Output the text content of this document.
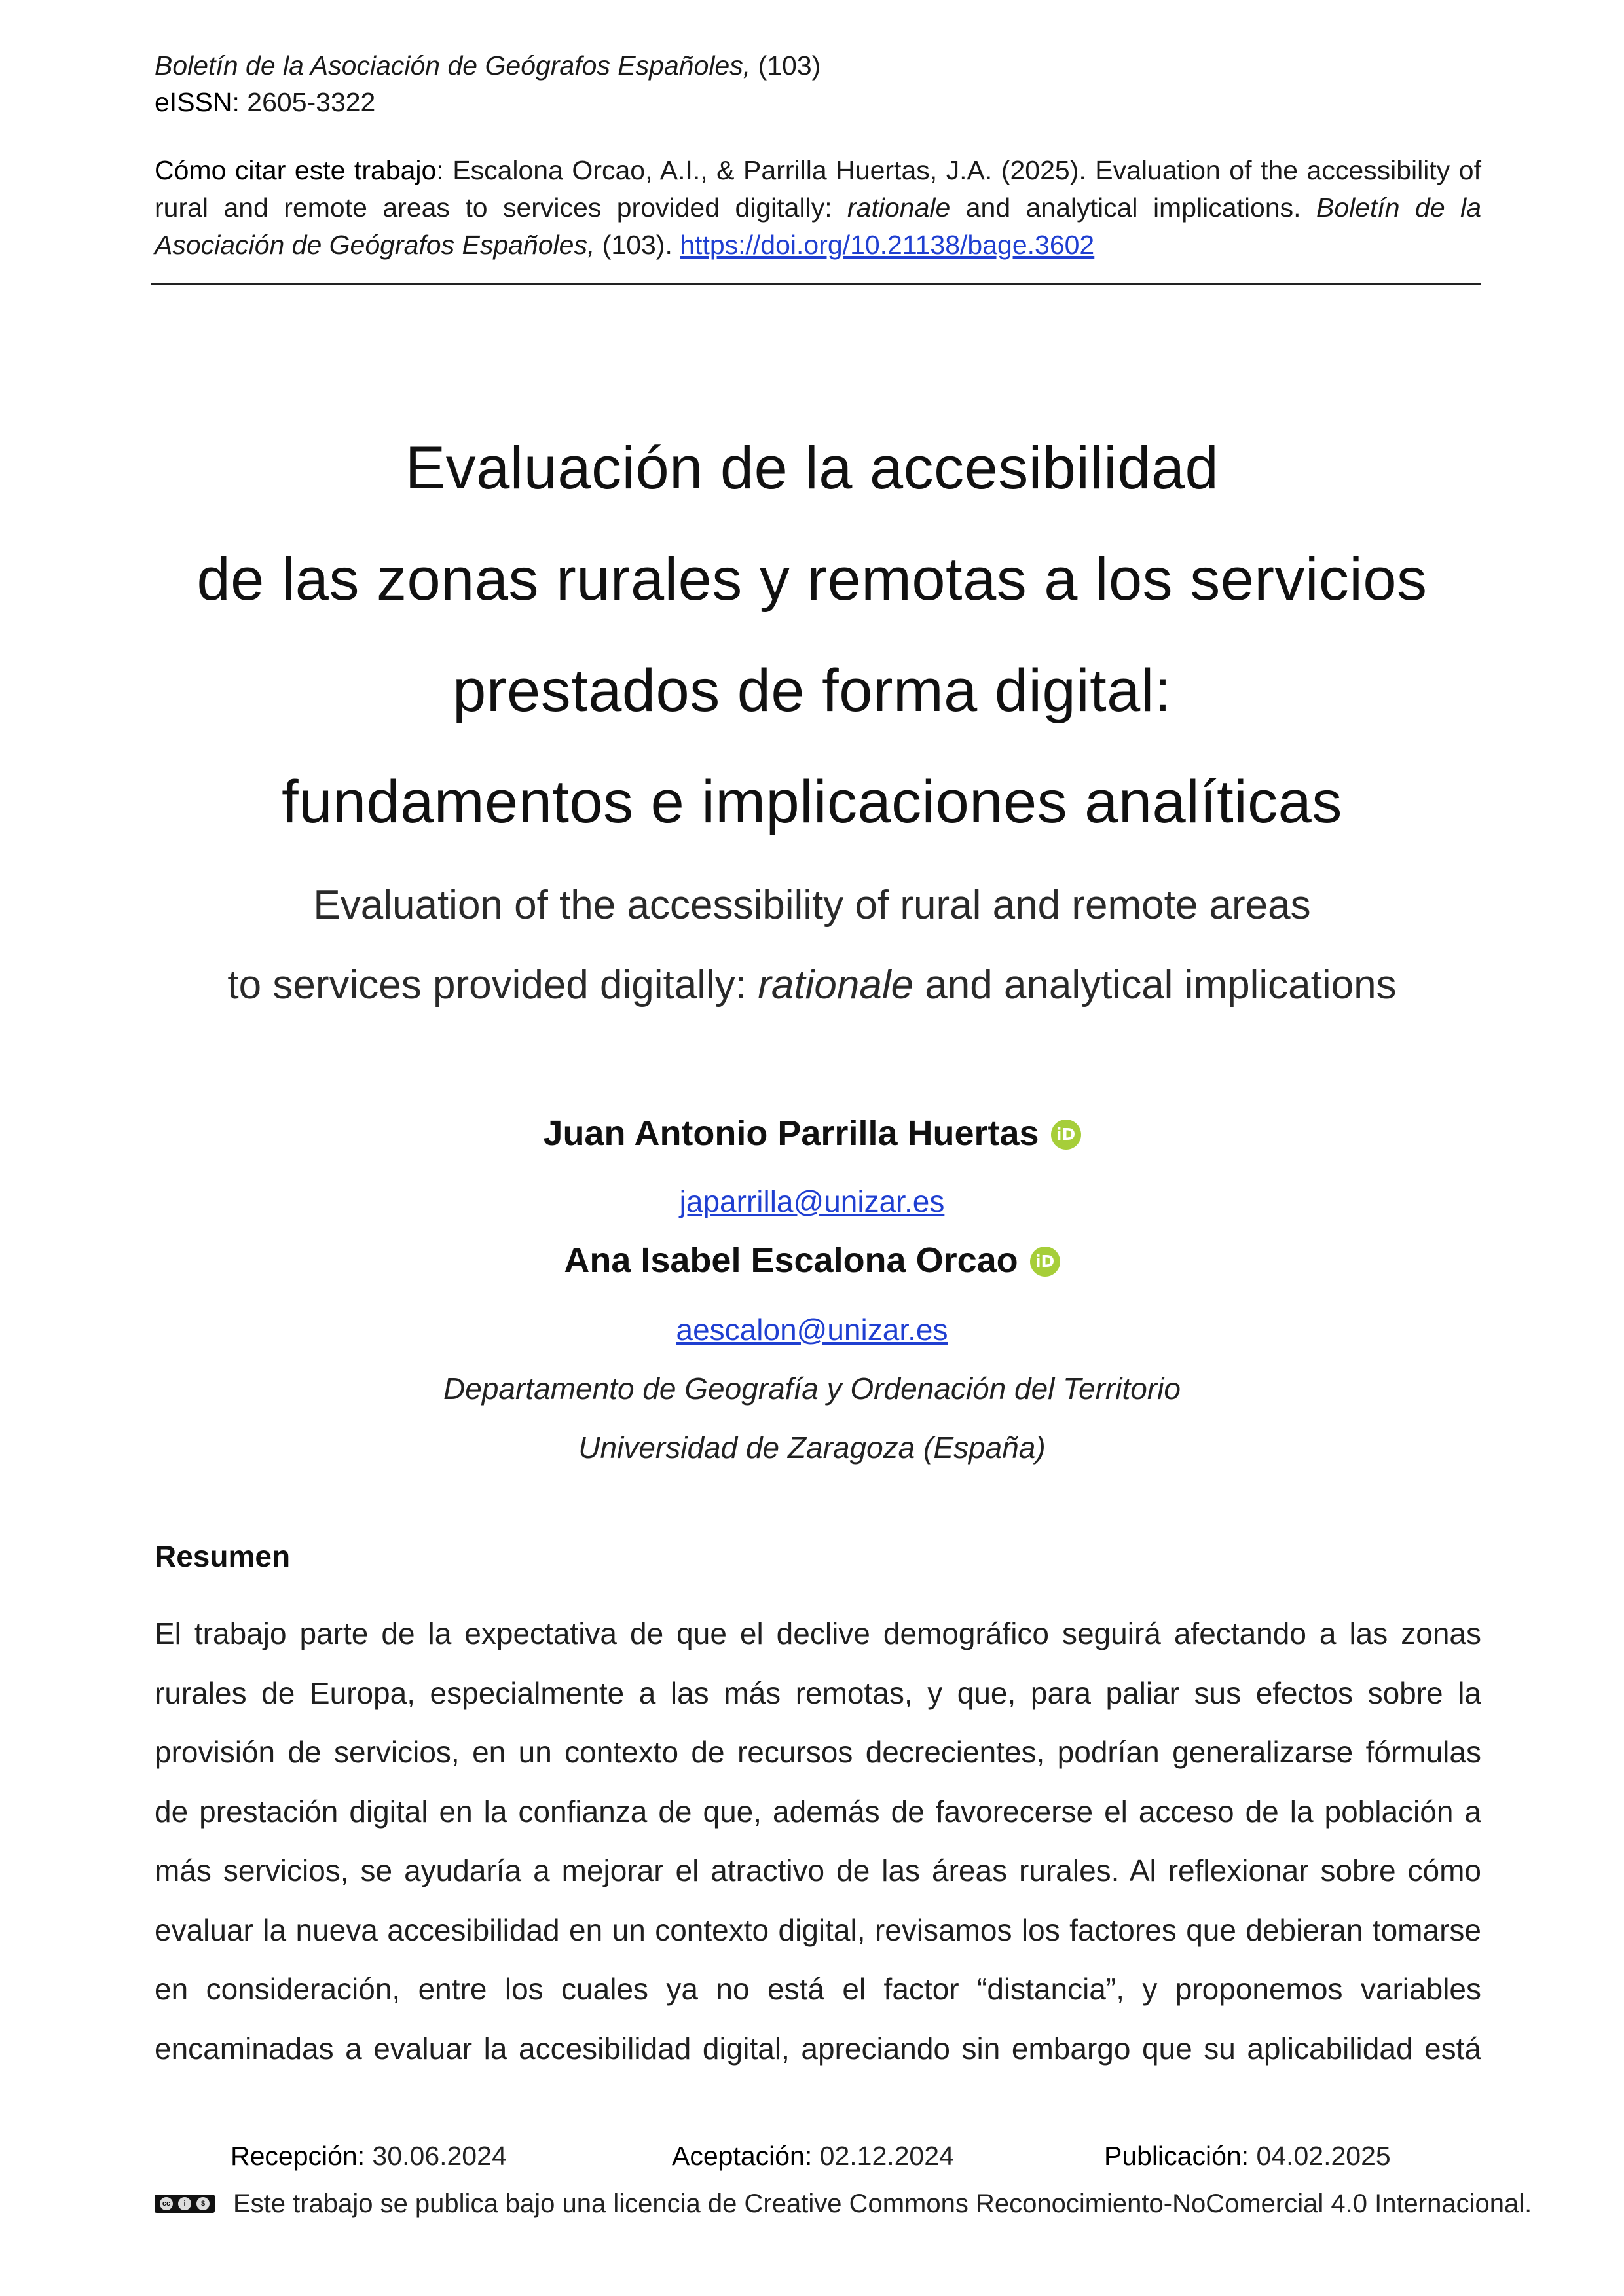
Boletín de la Asociación de Geógrafos Españoles, (103)
eISSN: 2605-3322
Cómo citar este trabajo: Escalona Orcao, A.I., & Parrilla Huertas, J.A. (2025). Evaluation of the accessibility of rural and remote areas to services provided digitally: rationale and analytical implications. Boletín de la Asociación de Geógrafos Españoles, (103). https://doi.org/10.21138/bage.3602
Evaluación de la accesibilidad
de las zonas rurales y remotas a los servicios
prestados de forma digital:
fundamentos e implicaciones analíticas
Evaluation of the accessibility of rural and remote areas
to services provided digitally: rationale and analytical implications
Juan Antonio Parrilla Huertas iD
japarrilla@unizar.es
Ana Isabel Escalona Orcao iD
aescalon@unizar.es
Departamento de Geografía y Ordenación del Territorio
Universidad de Zaragoza (España)
Resumen
El trabajo parte de la expectativa de que el declive demográfico seguirá afectando a las zonas
rurales de Europa, especialmente a las más remotas, y que, para paliar sus efectos sobre la
provisión de servicios, en un contexto de recursos decrecientes, podrían generalizarse fórmulas
de prestación digital en la confianza de que, además de favorecerse el acceso de la población a
más servicios, se ayudaría a mejorar el atractivo de las áreas rurales. Al reflexionar sobre cómo
evaluar la nueva accesibilidad en un contexto digital, revisamos los factores que debieran tomarse
en consideración, entre los cuales ya no está el factor “distancia”, y proponemos variables
encaminadas a evaluar la accesibilidad digital, apreciando sin embargo que su aplicabilidad está
Recepción: 30.06.2024	Aceptación: 02.12.2024	Publicación: 04.02.2025
cc	i	$ Este trabajo se publica bajo una licencia de Creative Commons Reconocimiento-NoComercial 4.0 Internacional.
